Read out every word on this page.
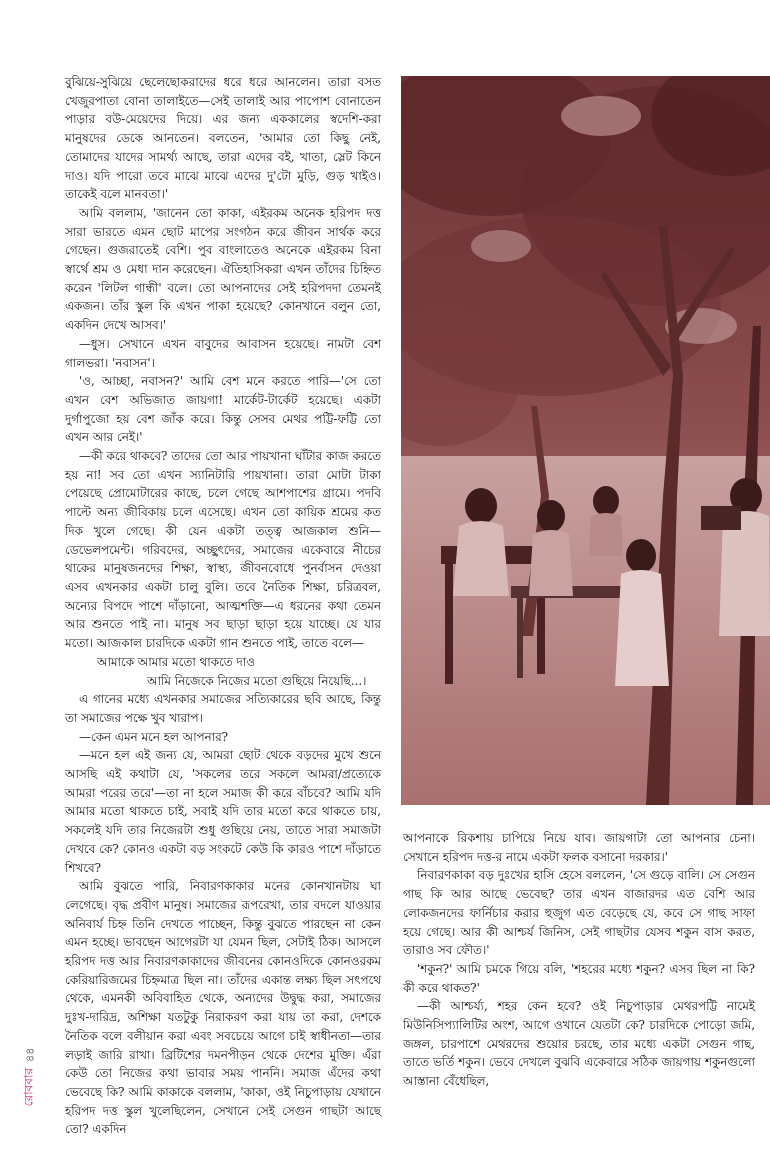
বুঝিয়ে-সুঝিয়ে ছেলেছোকরাদের ধরে ধরে আনলেন। তারা বসত খেজুরপাতা বোনা তালাইতে—সেই তালাই আর পাপোশ বোনাতেন পাড়ার বউ-মেয়েদের দিয়ে। এর জন্য এককালের স্বদেশি-করা মানুষদের ডেকে আনতেন। বলতেন, 'আমার তো কিছু নেই, তোমাদের যাদের সামর্থ্য আছে, তারা এদের বই, খাতা, স্লেট কিনে দাও। যদি পারো তবে মাঝে মাঝে এদের দু'টো মুড়ি, গুড় খাইও। তাকেই বলে মানবতা।'

আমি বললাম, 'জানেন তো কাকা, এইরকম অনেক হরিপদ দত্ত সারা ভারতে এমন ছোট মাপের সংগঠন করে জীবন সার্থক করে গেছেন। গুজরাতেই বেশি। পুব বাংলাতেও অনেকে এইরকম বিনা স্বার্থে শ্রম ও মেধা দান করেছেন। ঐতিহাসিকরা এখন তাঁদের চিহ্নিত করেন 'লিটল গান্ধী' বলে। তো আপনাদের সেই হরিপদদা তেমনই একজন। তাঁর স্কুল কি এখন পাকা হয়েছে? কোনখানে বলুন তো, একদিন দেখে আসব।'

—ধুস। সেখানে এখন বাবুদের আবাসন হয়েছে। নামটা বেশ গালভরা। 'নবাসন'।

'ও, আচ্ছা, নবাসন?' আমি বেশ মনে করতে পারি—'সে তো এখন বেশ অভিজাত জায়গা! মার্কেট-টার্কেট হয়েছে। একটা দুর্গাপুজো হয় বেশ জাঁক করে। কিন্তু সেসব মেথর পট্টি-ফট্টি তো এখন আর নেই।'

—কী করে থাকবে? তাদের তো আর পায়খানা ঘাঁটার কাজ করতে হয় না! সব তো এখন স্যানিটারি পায়খানা। তারা মোটা টাকা পেয়েছে প্রোমোটারের কাছে, চলে গেছে আশপাশের গ্রামে। পদবি পাল্টে অন্য জীবিকায় চলে এসেছে। এখন তো কায়িক শ্রমের কত দিক খুলে গেছে। কী যেন একটা তত্ত্ব আজকাল শুনি—ডেভেলপমেন্ট। গরিবদের, অচ্ছুৎদের, সমাজের একেবারে নীচের থাকের মানুষজনদের শিক্ষা, স্বাস্থ্য, জীবনবোধে পুনর্বাসন দেওয়া এসব এখনকার একটা চালু বুলি। তবে নৈতিক শিক্ষা, চরিত্রবল, অন্যের বিপদে পাশে দাঁড়ানো, আত্মশক্তি—এ ধরনের কথা তেমন আর শুনতে পাই না। মানুষ সব ছাড়া ছাড়া হয়ে যাচ্ছে। যে যার মতো। আজকাল চারদিকে একটা গান শুনতে পাই, তাতে বলে—

আমাকে আমার মতো থাকতে দাও

আমি নিজেকে নিজের মতো গুছিয়ে নিয়েছি...।

এ গানের মধ্যে এখনকার সমাজের সত্যিকারের ছবি আছে, কিন্তু তা সমাজের পক্ষে খুব খারাপ।

—কেন এমন মনে হল আপনার?

—মনে হল এই জন্য যে, আমরা ছোট থেকে বড়দের মুখে শুনে আসছি এই কথাটা যে, 'সকলের তরে সকলে আমরা/প্রত্যেকে আমরা পরের তরে'—তা না হলে সমাজ কী করে বাঁচবে? আমি যদি আমার মতো থাকতে চাই, সবাই যদি তার মতো করে থাকতে চায়, সকলেই যদি তার নিজেরটা শুধু গুছিয়ে নেয়, তাতে সারা সমাজটা দেখবে কে? কোনও একটা বড় সংকটে কেউ কি কারও পাশে দাঁড়াতে শিখবে?

আমি বুঝতে পারি, নিবারণকাকার মনের কোনখানটায় ঘা লেগেছে। বৃদ্ধ প্রবীণ মানুষ। সমাজের রূপরেখা, তার বদলে যাওয়ার অনিবার্য চিহ্ন তিনি দেখতে পাচ্ছেন, কিন্তু বুঝতে পারছেন না কেন এমন হচ্ছে। ভাবছেন আগেরটা যা যেমন ছিল, সেটাই ঠিক। আসলে হরিপদ দত্ত আর নিবারণকাকাদের জীবনের কোনওদিকে কোনওরকম কেরিয়ারিজমের চিহ্নমাত্র ছিল না। তাঁদের একান্ত লক্ষ্য ছিল সৎপথে থেকে, এমনকী অবিবাহিত থেকে, অন্যদের উদ্বুদ্ধ করা, সমাজের দুঃখ-দারিদ্র, অশিক্ষা যতটুকু নিরাকরণ করা যায় তা করা, দেশকে নৈতিক বলে বলীয়ান করা এবং সবচেয়ে আগে চাই স্বাধীনতা—তার লড়াই জারি রাখা। ব্রিটিশের দমনপীড়ন থেকে দেশের মুক্তি। এঁরা কেউ তো নিজের কথা ভাবার সময় পাননি। সমাজ এঁদের কথা ভেবেছে কি? আমি কাকাকে বললাম, 'কাকা, ওই নিচুপাড়ায় যেখানে হরিপদ দত্ত স্কুল খুলেছিলেন, সেখানে সেই সেগুন গাছটা আছে তো? একদিন

আপনাকে রিকশায় চাপিয়ে নিয়ে যাব। জায়গাটা তো আপনার চেনা। সেখানে হরিপদ দত্ত-র নামে একটা ফলক বসানো দরকার।'

নিবারণকাকা বড় দুঃখের হাসি হেসে বললেন, 'সে গুড়ে বালি। সে সেগুন গাছ কি আর আছে ভেবেছ? তার এখন বাজারদর এত বেশি আর লোকজনদের ফার্নিচার করার হুজুগ এত বেড়েছে যে, কবে সে গাছ সাফা হয়ে গেছে। আর কী আশ্চর্য জিনিস, সেই গাছটার যেসব শকুন বাস করত, তারাও সব ফৌত।'

'শকুন?' আমি চমকে গিয়ে বলি, 'শহরের মধ্যে শকুন? এসব ছিল না কি? কী করে থাকত?'

—কী আশ্চর্য্য, শহর কেন হবে? ওই নিচুপাড়ার মেথরপট্টি নামেই মিউনিসিপ্যালিটির অংশ, আগে ওখানে যেতটা কে? চারদিকে পোড়ো জমি, জঙ্গল, চারপাশে মেথরদের শুয়োর চরছে, তার মধ্যে একটা সেগুন গাছ, তাতে ভর্তি শকুন। ভেবে দেখলে বুঝবি একেবারে সঠিক জায়গায় শকুনগুলো আস্তানা বেঁধেছিল,

রোববার
৪৪
